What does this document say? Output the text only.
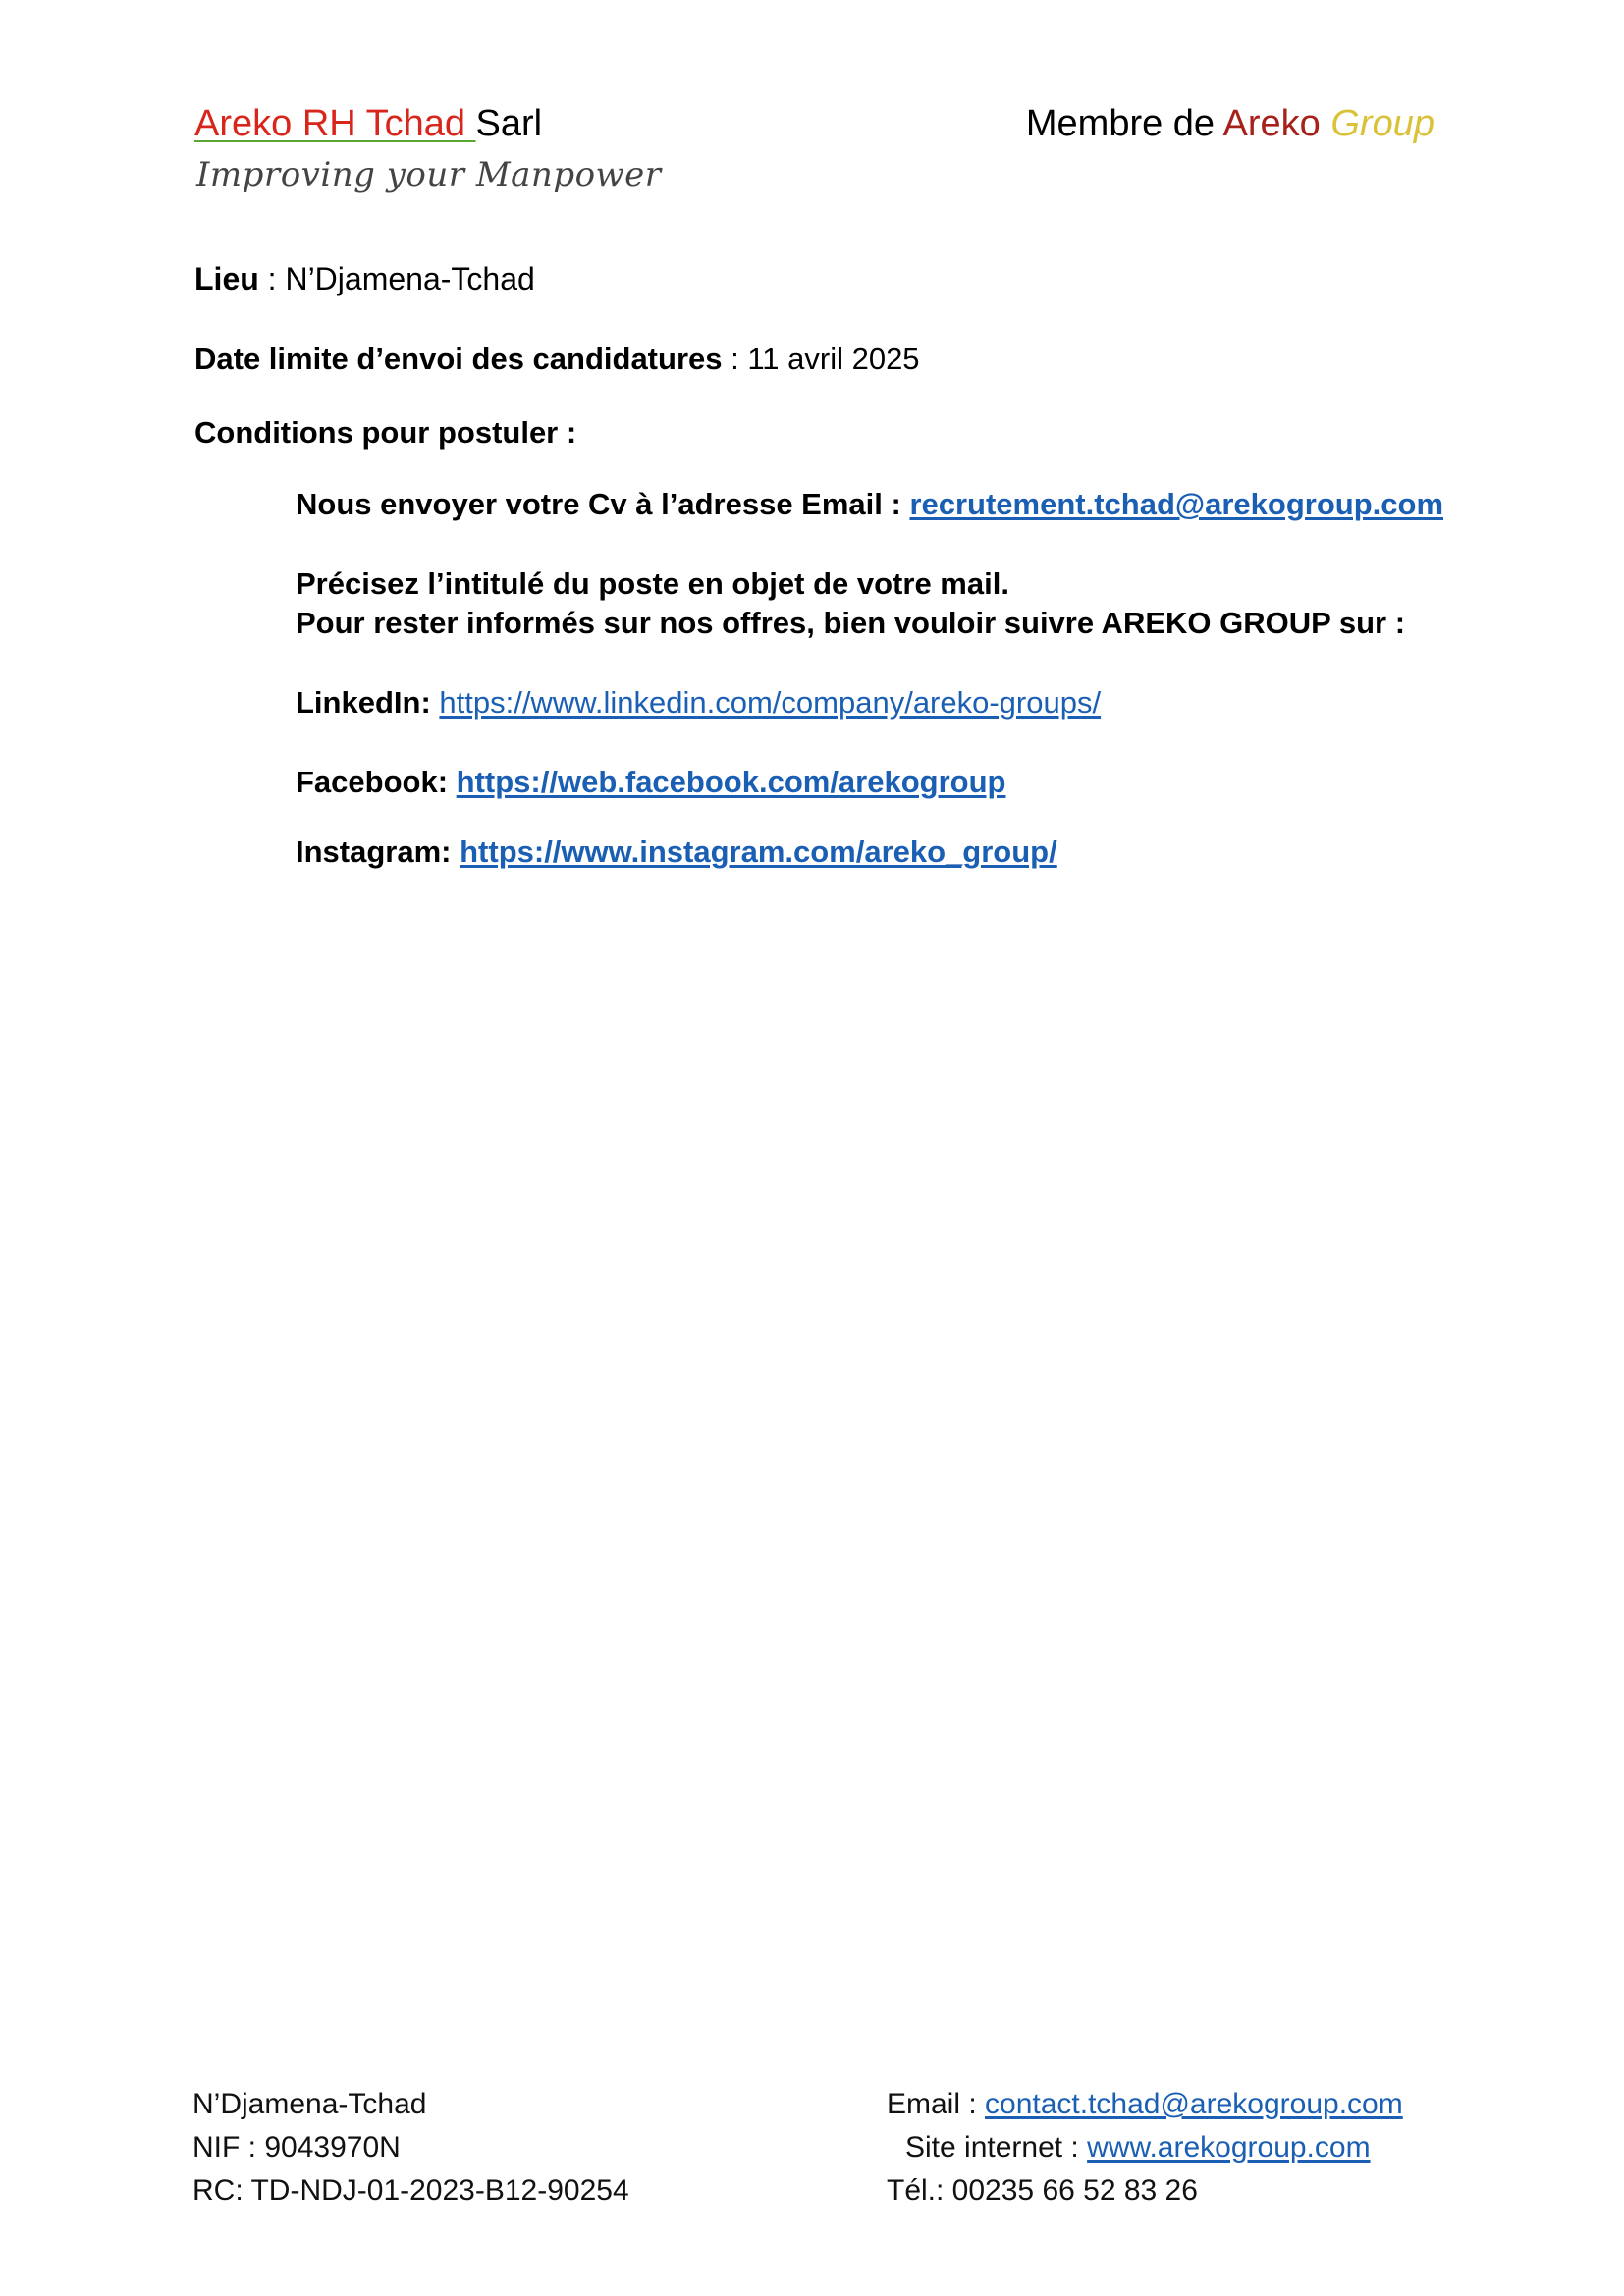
Areko RH Tchad Sarl	Membre de Areko Group
Improving your Manpower
Lieu : N’Djamena-Tchad
Date limite d’envoi des candidatures : 11 avril 2025
Conditions pour postuler :
Nous envoyer votre Cv à l’adresse Email : recrutement.tchad@arekogroup.com
Précisez l’intitulé du poste en objet de votre mail.
Pour rester informés sur nos offres, bien vouloir suivre AREKO GROUP sur :
LinkedIn: https://www.linkedin.com/company/areko-groups/
Facebook: https://web.facebook.com/arekogroup
Instagram: https://www.instagram.com/areko_group/
N’Djamena-Tchad
NIF : 9043970N
RC: TD-NDJ-01-2023-B12-90254
Email : contact.tchad@arekogroup.com
Site internet : www.arekogroup.com
Tél.: 00235 66 52 83 26
